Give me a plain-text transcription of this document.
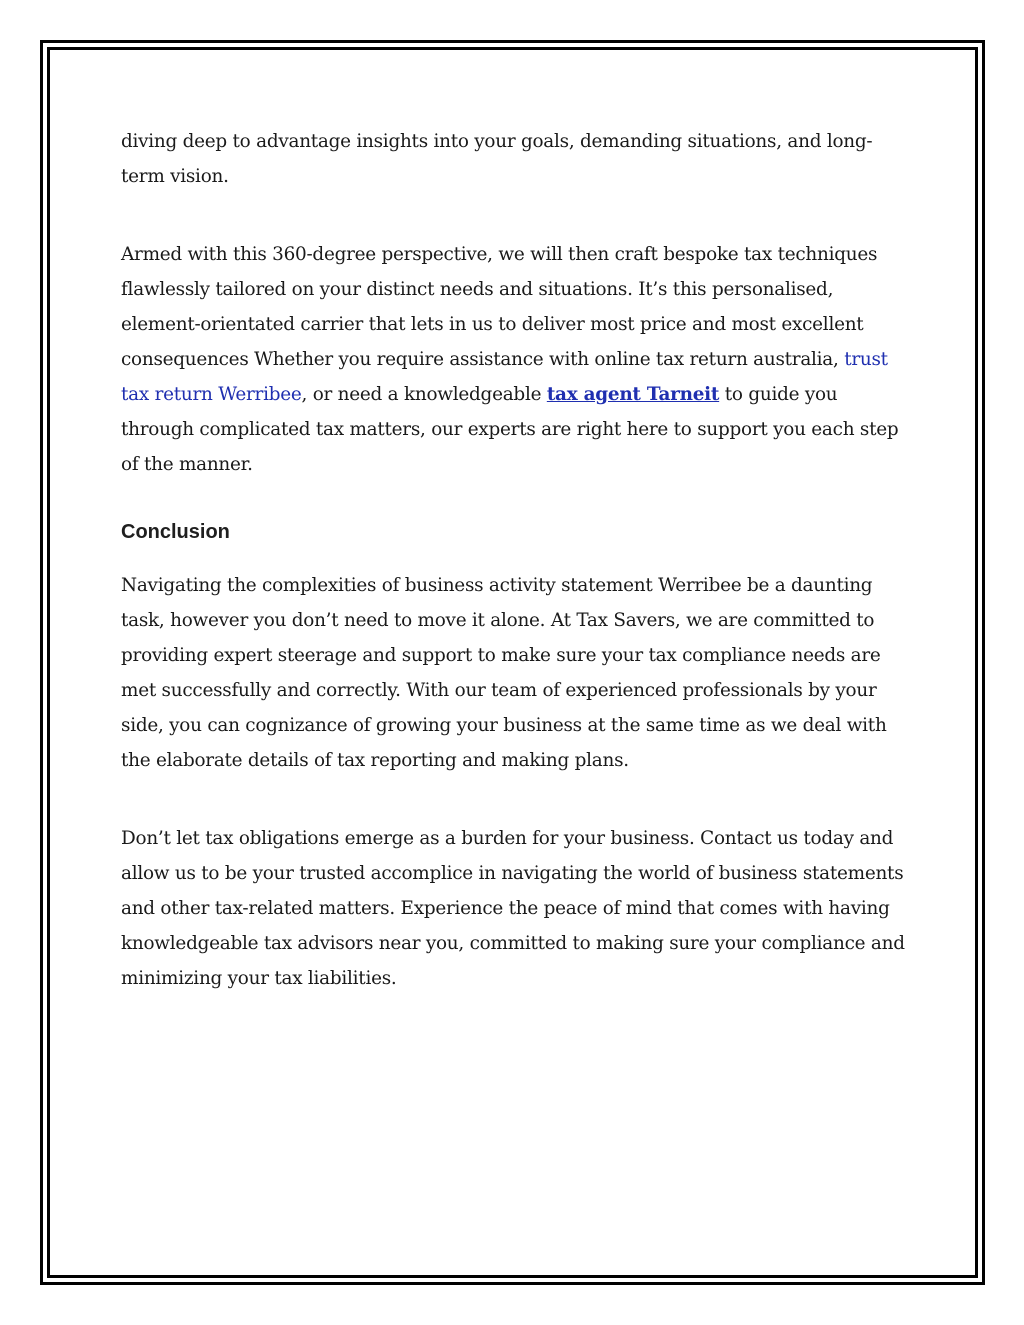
diving deep to advantage insights into your goals, demanding situations, and long-term vision.

Armed with this 360-degree perspective, we will then craft bespoke tax techniques flawlessly tailored on your distinct needs and situations. It’s this personalised, element-orientated carrier that lets in us to deliver most price and most excellent consequences Whether you require assistance with online tax return australia, trust tax return Werribee, or need a knowledgeable tax agent Tarneit to guide you through complicated tax matters, our experts are right here to support you each step of the manner.

Conclusion

Navigating the complexities of business activity statement Werribee be a daunting task, however you don’t need to move it alone. At Tax Savers, we are committed to providing expert steerage and support to make sure your tax compliance needs are met successfully and correctly. With our team of experienced professionals by your side, you can cognizance of growing your business at the same time as we deal with the elaborate details of tax reporting and making plans.

Don’t let tax obligations emerge as a burden for your business. Contact us today and allow us to be your trusted accomplice in navigating the world of business statements and other tax-related matters. Experience the peace of mind that comes with having knowledgeable tax advisors near you, committed to making sure your compliance and minimizing your tax liabilities.
